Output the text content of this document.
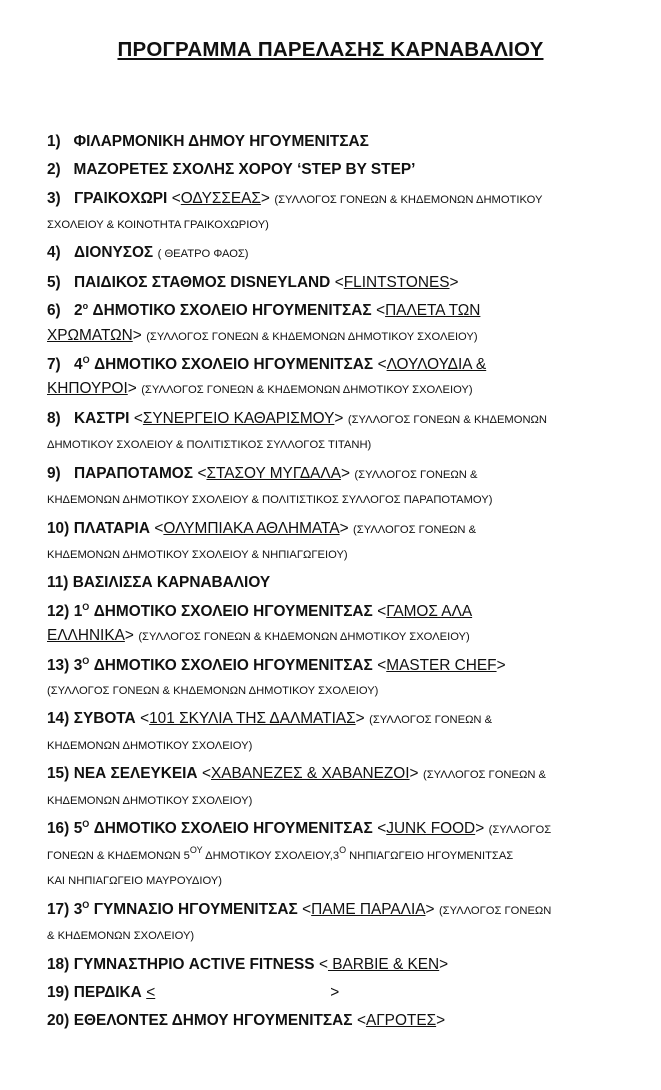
ΠΡΟΓΡΑΜΜΑ ΠΑΡΕΛΑΣΗΣ ΚΑΡΝΑΒΑΛΙΟΥ
1) ΦΙΛΑΡΜΟΝΙΚΗ ΔΗΜΟΥ ΗΓΟΥΜΕΝΙΤΣΑΣ
2) ΜΑΖΟΡΕΤΕΣ ΣΧΟΛΗΣ ΧΟΡΟΥ ‘STEP BY STEP’
3) ΓΡΑΙΚΟΧΩΡΙ <ΟΔΥΣΣΕΑΣ> (ΣΥΛΛΟΓΟΣ ΓΟΝΕΩΝ & ΚΗΔΕΜΟΝΩΝ ΔΗΜΟΤΙΚΟΥ
ΣΧΟΛΕΙΟΥ & ΚΟΙΝΟΤΗΤΑ ΓΡΑΙΚΟΧΩΡΙΟΥ)
4) ΔΙΟΝΥΣΟΣ ( ΘΕΑΤΡΟ ΦΑΟΣ)
5) ΠΑΙΔΙΚΟΣ ΣΤΑΘΜΟΣ DISNEYLAND <FLINTSTONES>
6) $2^o$ ΔΗΜΟΤΙΚΟ ΣΧΟΛΕΙΟ ΗΓΟΥΜΕΝΙΤΣΑΣ <ΠΑΛΕΤΑ ΤΩΝ
ΧΡΩΜΑΤΩΝ> (ΣΥΛΛΟΓΟΣ ΓΟΝΕΩΝ & ΚΗΔΕΜΟΝΩΝ ΔΗΜΟΤΙΚΟΥ ΣΧΟΛΕΙΟΥ)
7) $4^O$ ΔΗΜΟΤΙΚΟ ΣΧΟΛΕΙΟ ΗΓΟΥΜΕΝΙΤΣΑΣ <ΛΟΥΛΟΥΔΙΑ &
ΚΗΠΟΥΡΟΙ> (ΣΥΛΛΟΓΟΣ ΓΟΝΕΩΝ & ΚΗΔΕΜΟΝΩΝ ΔΗΜΟΤΙΚΟΥ ΣΧΟΛΕΙΟΥ)
8) ΚΑΣΤΡΙ <ΣΥΝΕΡΓΕΙΟ ΚΑΘΑΡΙΣΜΟΥ> (ΣΥΛΛΟΓΟΣ ΓΟΝΕΩΝ & ΚΗΔΕΜΟΝΩΝ
ΔΗΜΟΤΙΚΟΥ ΣΧΟΛΕΙΟΥ & ΠΟΛΙΤΙΣΤΙΚΟΣ ΣΥΛΛΟΓΟΣ ΤΙΤΑΝΗ)
9) ΠΑΡΑΠΟΤΑΜΟΣ <ΣΤΑΣΟΥ ΜΥΓΔΑΛΑ> (ΣΥΛΛΟΓΟΣ ΓΟΝΕΩΝ &
ΚΗΔΕΜΟΝΩΝ ΔΗΜΟΤΙΚΟΥ ΣΧΟΛΕΙΟΥ & ΠΟΛΙΤΙΣΤΙΚΟΣ ΣΥΛΛΟΓΟΣ ΠΑΡΑΠΟΤΑΜΟΥ)
10) ΠΛΑΤΑΡΙΑ <ΟΛΥΜΠΙΑΚΑ ΑΘΛΗΜΑΤΑ> (ΣΥΛΛΟΓΟΣ ΓΟΝΕΩΝ &
ΚΗΔΕΜΟΝΩΝ ΔΗΜΟΤΙΚΟΥ ΣΧΟΛΕΙΟΥ & ΝΗΠΙΑΓΩΓΕΙΟΥ)
11) ΒΑΣΙΛΙΣΣΑ ΚΑΡΝΑΒΑΛΙΟΥ
12) $1^O$ ΔΗΜΟΤΙΚΟ ΣΧΟΛΕΙΟ ΗΓΟΥΜΕΝΙΤΣΑΣ <ΓΑΜΟΣ ΑΛΑ
ΕΛΛΗΝΙΚΑ> (ΣΥΛΛΟΓΟΣ ΓΟΝΕΩΝ & ΚΗΔΕΜΟΝΩΝ ΔΗΜΟΤΙΚΟΥ ΣΧΟΛΕΙΟΥ)
13) $3^O$ ΔΗΜΟΤΙΚΟ ΣΧΟΛΕΙΟ ΗΓΟΥΜΕΝΙΤΣΑΣ <MASTER CHEF>
(ΣΥΛΛΟΓΟΣ ΓΟΝΕΩΝ & ΚΗΔΕΜΟΝΩΝ ΔΗΜΟΤΙΚΟΥ ΣΧΟΛΕΙΟΥ)
14) ΣΥΒΟΤΑ <101 ΣΚΥΛΙΑ ΤΗΣ ΔΑΛΜΑΤΙΑΣ> (ΣΥΛΛΟΓΟΣ ΓΟΝΕΩΝ &
ΚΗΔΕΜΟΝΩΝ ΔΗΜΟΤΙΚΟΥ ΣΧΟΛΕΙΟΥ)
15) ΝΕΑ ΣΕΛΕΥΚΕΙΑ <ΧΑΒΑΝΕΖΕΣ & ΧΑΒΑΝΕΖΟΙ> (ΣΥΛΛΟΓΟΣ ΓΟΝΕΩΝ &
ΚΗΔΕΜΟΝΩΝ ΔΗΜΟΤΙΚΟΥ ΣΧΟΛΕΙΟΥ)
16) $5^O$ ΔΗΜΟΤΙΚΟ ΣΧΟΛΕΙΟ ΗΓΟΥΜΕΝΙΤΣΑΣ <JUNK FOOD> (ΣΥΛΛΟΓΟΣ
ΓΟΝΕΩΝ & ΚΗΔΕΜΟΝΩΝ $5^{O\Upsilon}$ ΔΗΜΟΤΙΚΟΥ $\Sigma XO\Lambda EIO\Upsilon,3^O$ ΝΗΠΙΑΓΩΓΕΙΟ ΗΓΟΥΜΕΝΙΤΣΑΣ
ΚΑΙ ΝΗΠΙΑΓΩΓΕΙΟ ΜΑΥΡΟΥΔΙΟΥ)
17) $3^O$ ΓΥΜΝΑΣΙΟ ΗΓΟΥΜΕΝΙΤΣΑΣ <ΠΑΜΕ ΠΑΡΑΛΙΑ> (ΣΥΛΛΟΓΟΣ ΓΟΝΕΩΝ
& ΚΗΔΕΜΟΝΩΝ ΣΧΟΛΕΙΟΥ)
18) ΓΥΜΝΑΣΤΗΡΙΟ ACTIVE FITNESS < BARBIE & KEN>
19) ΠΕΡΔΙΚΑ <	>
20) ΕΘΕΛΟΝΤΕΣ ΔΗΜΟΥ ΗΓΟΥΜΕΝΙΤΣΑΣ <ΑΓΡΟΤΕΣ>
